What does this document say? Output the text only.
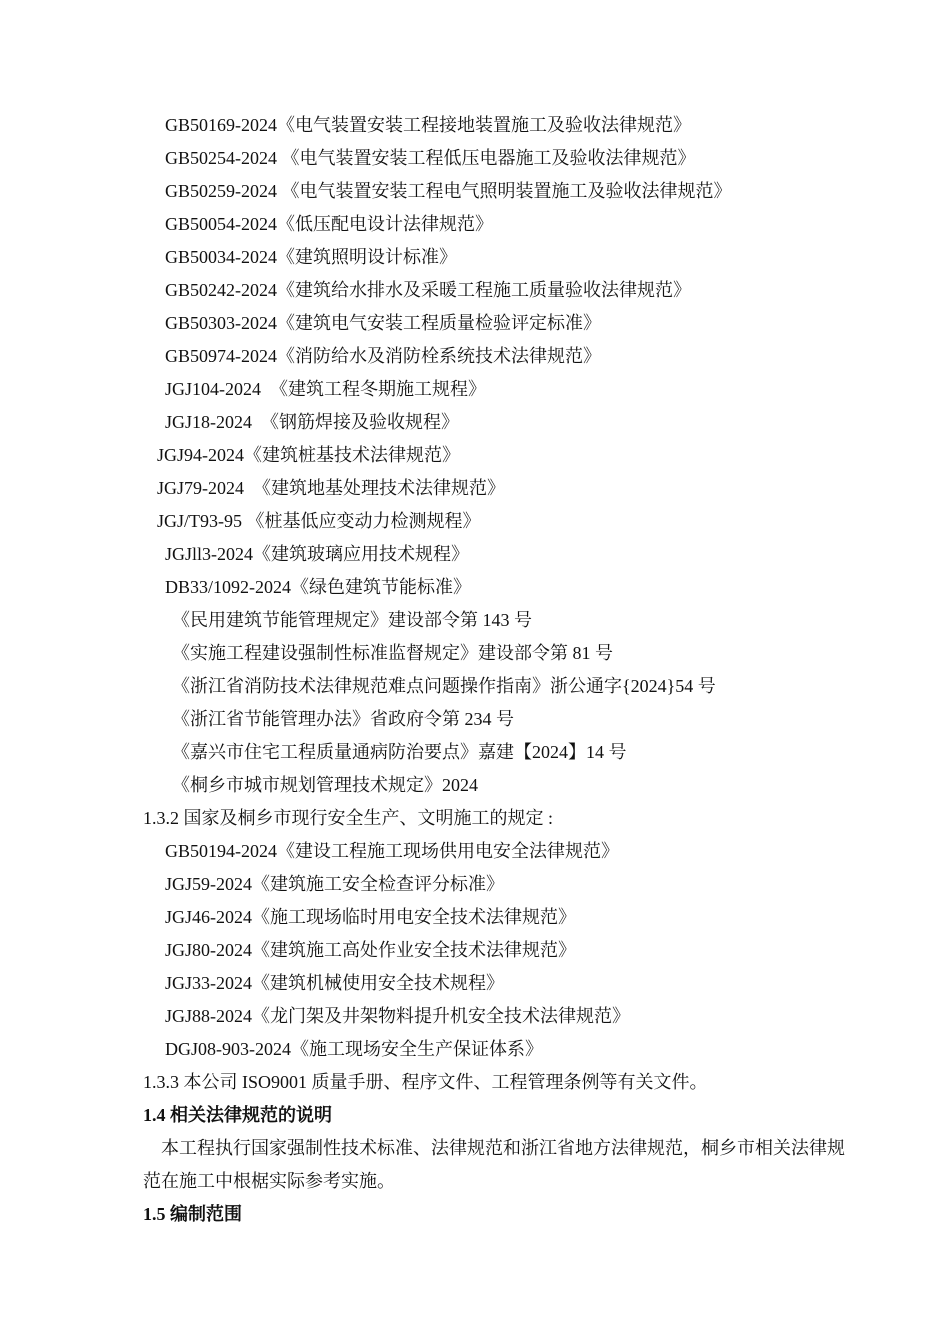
GB50169-2024《电气装置安装工程接地装置施工及验收法律规范》
GB50254-2024 《电气装置安装工程低压电器施工及验收法律规范》
GB50259-2024 《电气装置安装工程电气照明装置施工及验收法律规范》
GB50054-2024《低压配电设计法律规范》
GB50034-2024《建筑照明设计标准》
GB50242-2024《建筑给水排水及采暖工程施工质量验收法律规范》
GB50303-2024《建筑电气安装工程质量检验评定标准》
GB50974-2024《消防给水及消防栓系统技术法律规范》
JGJ104-2024  《建筑工程冬期施工规程》
JGJ18-2024  《钢筋焊接及验收规程》
JGJ94-2024《建筑桩基技术法律规范》
JGJ79-2024  《建筑地基处理技术法律规范》
JGJ/T93-95 《桩基低应变动力检测规程》
JGJll3-2024《建筑玻璃应用技术规程》
DB33/1092-2024《绿色建筑节能标准》
《民用建筑节能管理规定》建设部令第 143 号
《实施工程建设强制性标准监督规定》建设部令第 81 号
《浙江省消防技术法律规范难点问题操作指南》浙公通字{2024}54 号
《浙江省节能管理办法》省政府令第 234 号
《嘉兴市住宅工程质量通病防治要点》嘉建【2024】14 号
《桐乡市城市规划管理技术规定》2024
1.3.2 国家及桐乡市现行安全生产、文明施工的规定 :
GB50194-2024《建设工程施工现场供用电安全法律规范》
JGJ59-2024《建筑施工安全检查评分标准》
JGJ46-2024《施工现场临时用电安全技术法律规范》
JGJ80-2024《建筑施工高处作业安全技术法律规范》
JGJ33-2024《建筑机械使用安全技术规程》
JGJ88-2024《龙门架及井架物料提升机安全技术法律规范》
DGJ08-903-2024《施工现场安全生产保证体系》
1.3.3 本公司 ISO9001 质量手册、程序文件、工程管理条例等有关文件。
1.4 相关法律规范的说明
本工程执行国家强制性技术标准、法律规范和浙江省地方法律规范，桐乡市相关法律规范在施工中根椐实际参考实施。
1.5 编制范围
